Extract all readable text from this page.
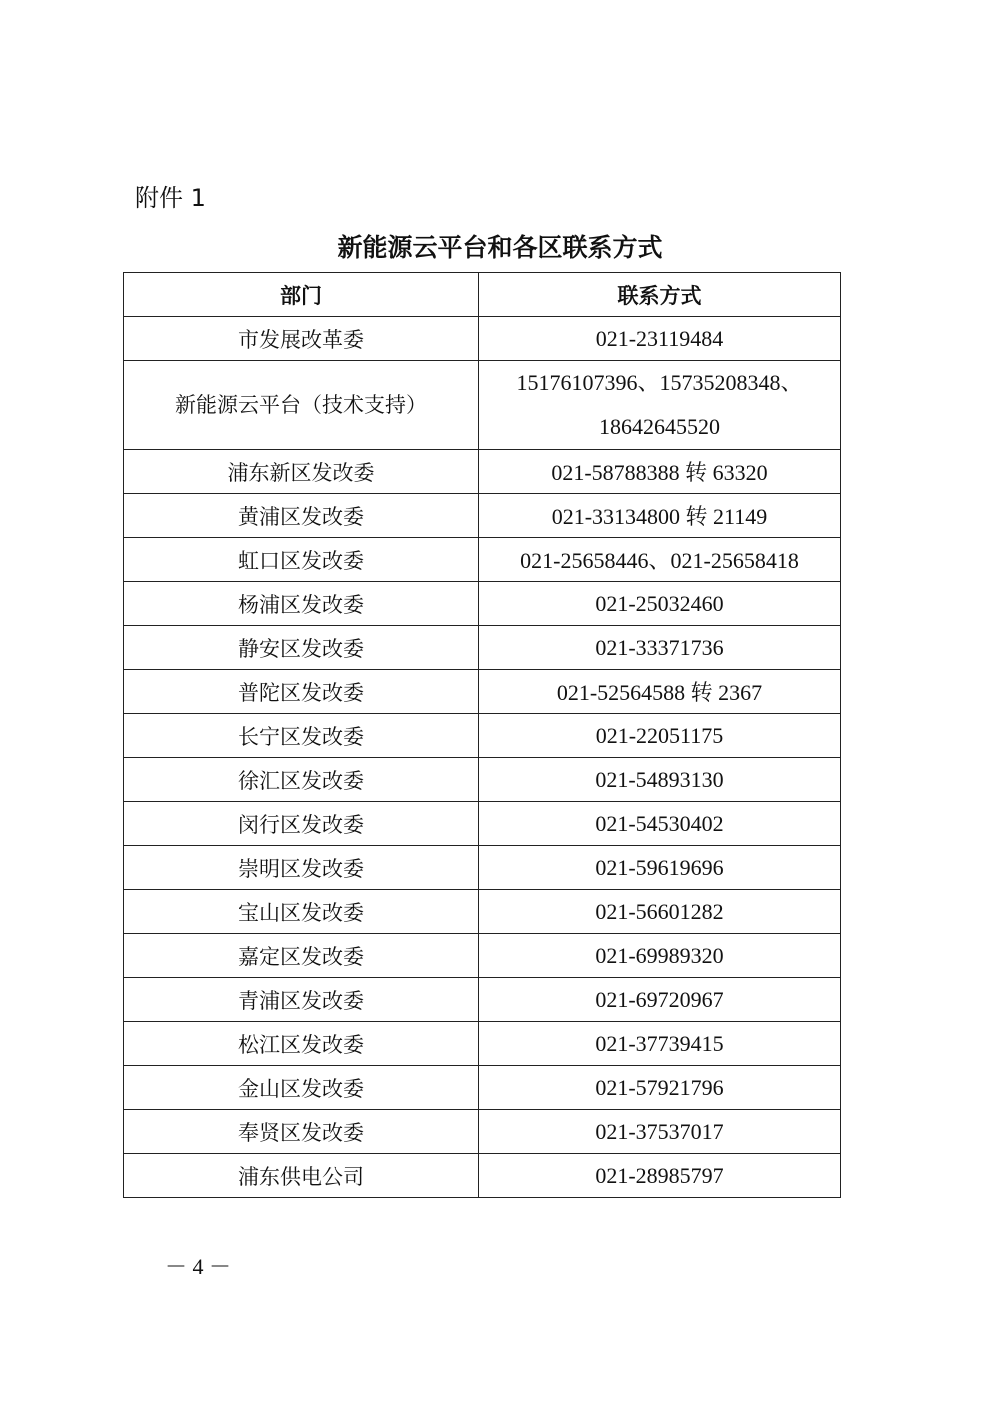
附件 1
新能源云平台和各区联系方式
部门	联系方式
市发展改革委	021-23119484
新能源云平台（技术支持）	15176107396、15735208348、
18642645520
浦东新区发改委	021-58788388 转 63320
黄浦区发改委	021-33134800 转 21149
虹口区发改委	021-25658446、021-25658418
杨浦区发改委	021-25032460
静安区发改委	021-33371736
普陀区发改委	021-52564588 转 2367
长宁区发改委	021-22051175
徐汇区发改委	021-54893130
闵行区发改委	021-54530402
崇明区发改委	021-59619696
宝山区发改委	021-56601282
嘉定区发改委	021-69989320
青浦区发改委	021-69720967
松江区发改委	021-37739415
金山区发改委	021-57921796
奉贤区发改委	021-37537017
浦东供电公司	021-28985797
－ 4 －
